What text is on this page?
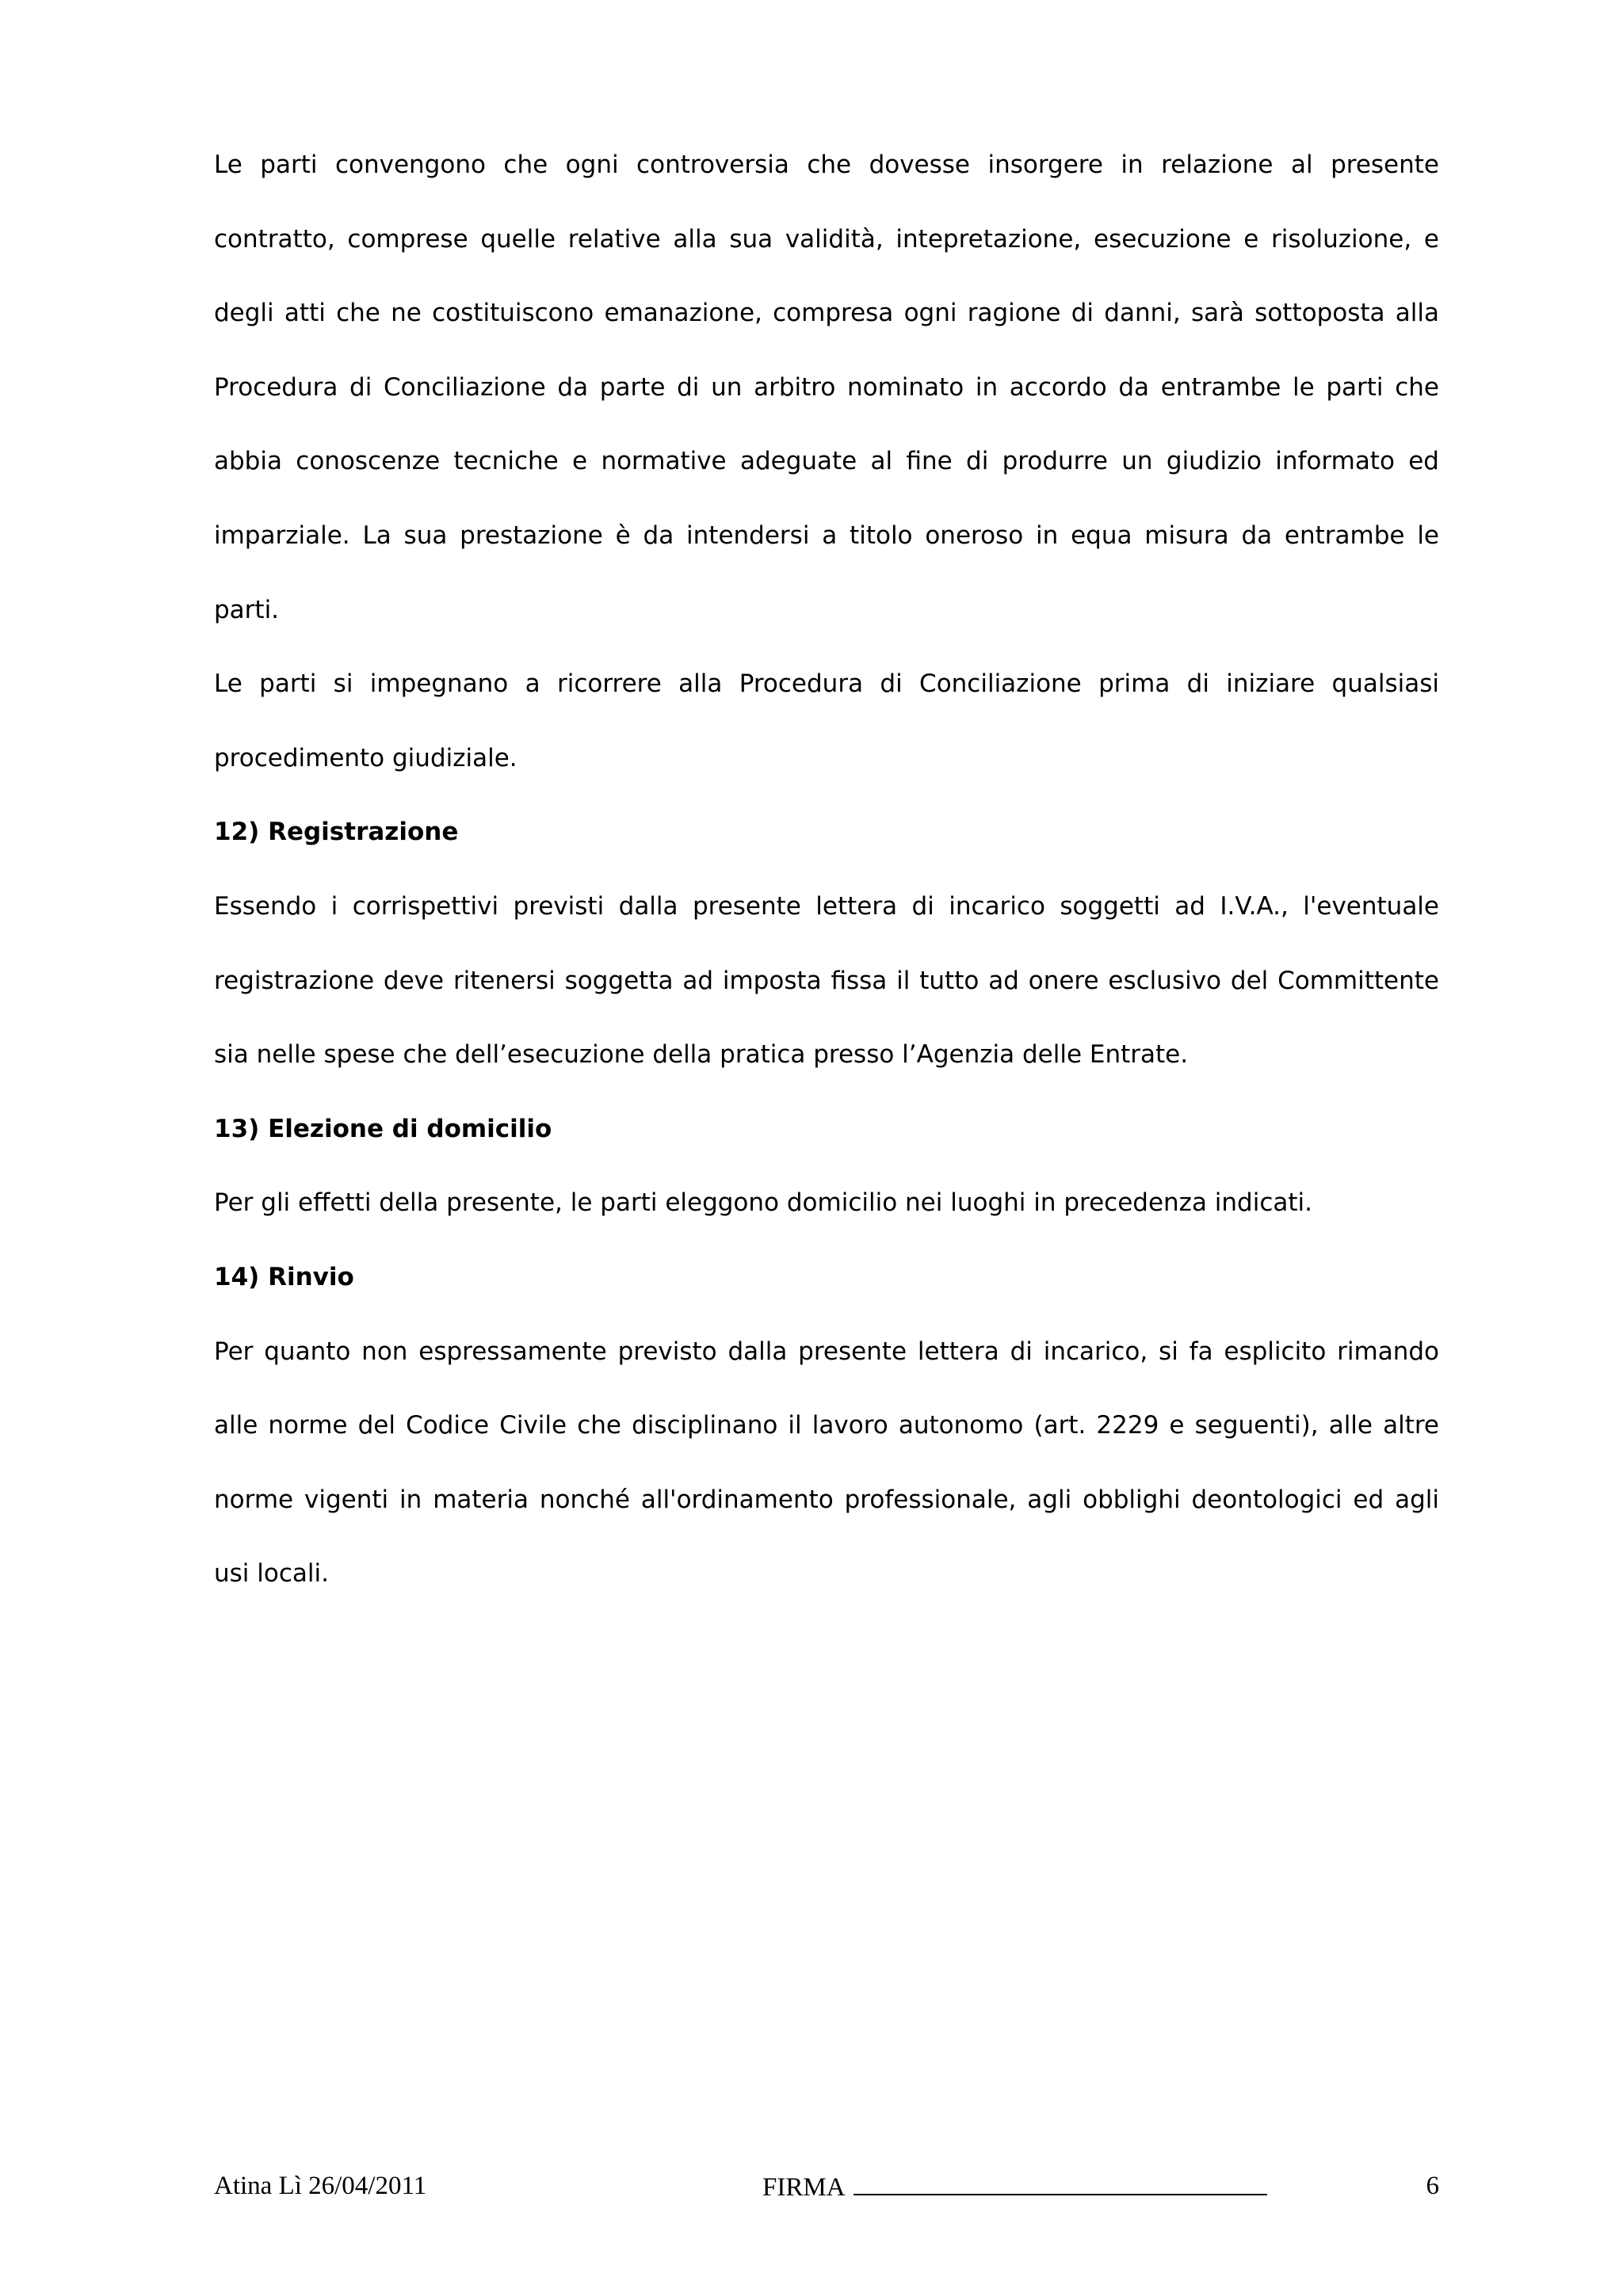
Le parti convengono che ogni controversia che dovesse insorgere in relazione al presente contratto, comprese quelle relative alla sua validità, intepretazione, esecuzione e risoluzione, e degli atti che ne costituiscono emanazione, compresa ogni ragione di danni, sarà sottoposta alla Procedura di Conciliazione da parte di un arbitro nominato in accordo da entrambe le parti che abbia conoscenze tecniche e normative adeguate al fine di produrre un giudizio informato ed imparziale. La sua prestazione è da intendersi a titolo oneroso in equa misura da entrambe le parti.

Le parti si impegnano a ricorrere alla Procedura di Conciliazione prima di iniziare qualsiasi procedimento giudiziale.

12) Registrazione

Essendo i corrispettivi previsti dalla presente lettera di incarico soggetti ad I.V.A., l'eventuale registrazione deve ritenersi soggetta ad imposta fissa il tutto ad onere esclusivo del Committente sia nelle spese che dell’esecuzione della pratica presso l’Agenzia delle Entrate.

13) Elezione di domicilio

Per gli effetti della presente, le parti eleggono domicilio nei luoghi in precedenza indicati.

14) Rinvio

Per quanto non espressamente previsto dalla presente lettera di incarico, si fa esplicito rimando alle norme del Codice Civile che disciplinano il lavoro autonomo (art. 2229 e seguenti), alle altre norme vigenti in materia nonché all'ordinamento professionale, agli obblighi deontologici ed agli usi locali.

Atina Lì 26/04/2011	FIRMA	6
